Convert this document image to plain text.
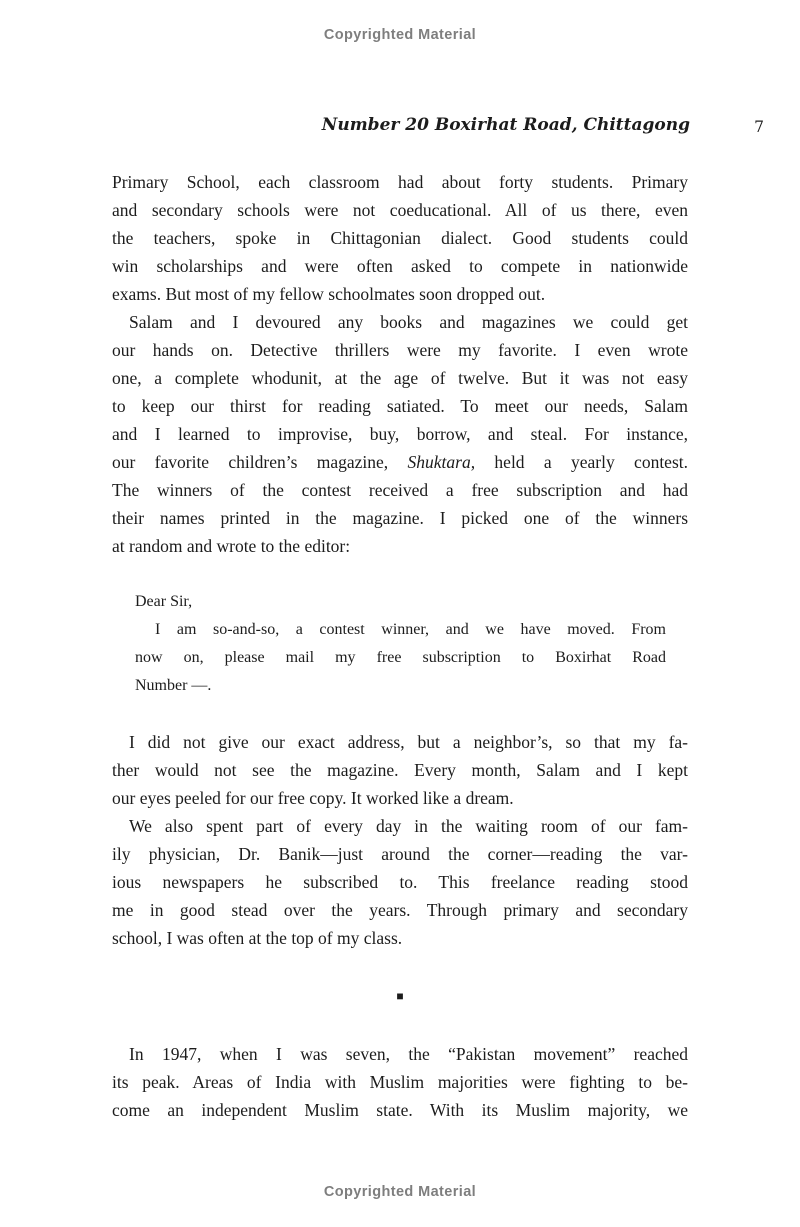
Copyrighted Material
Number 20 Boxirhat Road, Chittagong	7
Primary School, each classroom had about forty students. Primary
and secondary schools were not coeducational. All of us there, even
the teachers, spoke in Chittagonian dialect. Good students could
win scholarships and were often asked to compete in nationwide
exams. But most of my fellow schoolmates soon dropped out.
Salam and I devoured any books and magazines we could get
our hands on. Detective thrillers were my favorite. I even wrote
one, a complete whodunit, at the age of twelve. But it was not easy
to keep our thirst for reading satiated. To meet our needs, Salam
and I learned to improvise, buy, borrow, and steal. For instance,
our favorite children’s magazine, Shuktara, held a yearly contest.
The winners of the contest received a free subscription and had
their names printed in the magazine. I picked one of the winners
at random and wrote to the editor:
Dear Sir,
I am so-and-so, a contest winner, and we have moved. From
now on, please mail my free subscription to Boxirhat Road
Number —.
I did not give our exact address, but a neighbor’s, so that my fa-
ther would not see the magazine. Every month, Salam and I kept
our eyes peeled for our free copy. It worked like a dream.
We also spent part of every day in the waiting room of our fam-
ily physician, Dr. Banik—just around the corner—reading the var-
ious newspapers he subscribed to. This freelance reading stood
me in good stead over the years. Through primary and secondary
school, I was often at the top of my class.
■
In 1947, when I was seven, the “Pakistan movement” reached
its peak. Areas of India with Muslim majorities were fighting to be-
come an independent Muslim state. With its Muslim majority, we
Copyrighted Material
